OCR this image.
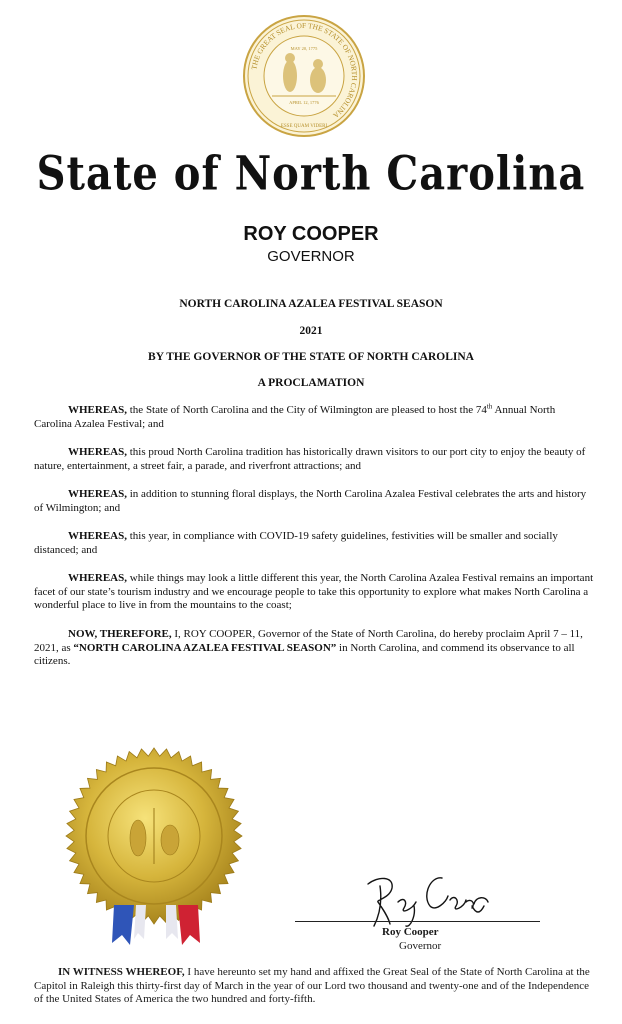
THE GREAT SEAL OF THE STATE OF NORTH CAROLINA
MAY 20, 1775
APRIL 12, 1776
ESSE QUAM VIDERI
State of North Carolina
ROY COOPER
GOVERNOR
NORTH CAROLINA AZALEA FESTIVAL SEASON
2021
BY THE GOVERNOR OF THE STATE OF NORTH CAROLINA
A PROCLAMATION
WHEREAS, the State of North Carolina and the City of Wilmington are pleased to host the 74th Annual North Carolina Azalea Festival; and
WHEREAS, this proud North Carolina tradition has historically drawn visitors to our port city to enjoy the beauty of nature, entertainment, a street fair, a parade, and riverfront attractions; and
WHEREAS, in addition to stunning floral displays, the North Carolina Azalea Festival celebrates the arts and history of Wilmington; and
WHEREAS, this year, in compliance with COVID-19 safety guidelines, festivities will be smaller and socially distanced; and
WHEREAS, while things may look a little different this year, the North Carolina Azalea Festival remains an important facet of our state’s tourism industry and we encourage people to take this opportunity to explore what makes North Carolina a wonderful place to live in from the mountains to the coast;
NOW, THEREFORE, I, ROY COOPER, Governor of the State of North Carolina, do hereby proclaim April 7 – 11, 2021, as “NORTH CAROLINA AZALEA FESTIVAL SEASON” in North Carolina, and commend its observance to all citizens.
Roy Cooper
Governor
IN WITNESS WHEREOF, I have hereunto set my hand and affixed the Great Seal of the State of North Carolina at the Capitol in Raleigh this thirty-first day of March in the year of our Lord two thousand and twenty-one and of the Independence of the United States of America the two hundred and forty-fifth.
